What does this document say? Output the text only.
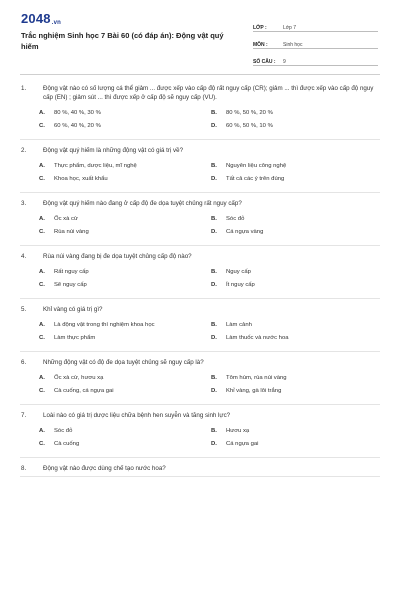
2048.vn
Trắc nghiệm Sinh học 7 Bài 60 (có đáp án): Động vật quý hiếm
LỚP :	Lớp 7
MÔN :	Sinh học
SỐ CÂU :	9
1.	Động vật nào có số lượng cá thể giảm ... được xếp vào cấp độ rất nguy cấp (CR); giảm ... thì được xếp vào cấp độ nguy cấp (EN) ; giảm sút ... thì được xếp ở cấp độ sẽ nguy cấp (VU).
A.	80 %, 40 %, 30 %	B.	80 %, 50 %, 20 %
C.	60 %, 40 %, 20 %	D.	60 %, 50 %, 10 %
2.	Động vật quý hiếm là những động vật có giá trị về?
A.	Thực phẩm, dược liệu, mĩ nghệ	B.	Nguyên liệu công nghệ
C.	Khoa học, xuất khẩu	D.	Tất cả các ý trên đúng
3.	Động vật quý hiếm nào đang ở cấp độ đe dọa tuyệt chủng rất nguy cấp?
A.	Ốc xà cừ	B.	Sóc đỏ
C.	Rùa núi vàng	D.	Cá ngựa vàng
4.	Rùa núi vàng đang bị đe dọa tuyệt chủng cấp độ nào?
A.	Rất nguy cấp	B.	Nguy cấp
C.	Sẽ nguy cấp	D.	Ít nguy cấp
5.	Khỉ vàng có giá trị gì?
A.	Là động vật trong thí nghiệm khoa học	B.	Làm cảnh
C.	Làm thực phẩm	D.	Làm thuốc và nước hoa
6.	Những động vật có độ đe dọa tuyệt chủng sẽ nguy cấp là?
A.	Ốc xà cừ, hươu xạ	B.	Tôm hùm, rùa núi vàng
C.	Cà cuống, cá ngựa gai	D.	Khỉ vàng, gà lôi trắng
7.	Loài nào có giá trị dược liệu chữa bệnh hen suyễn và tăng sinh lực?
A.	Sóc đỏ	B.	Hươu xạ
C.	Cà cuống	D.	Cá ngựa gai
8.	Động vật nào được dùng chế tạo nước hoa?
